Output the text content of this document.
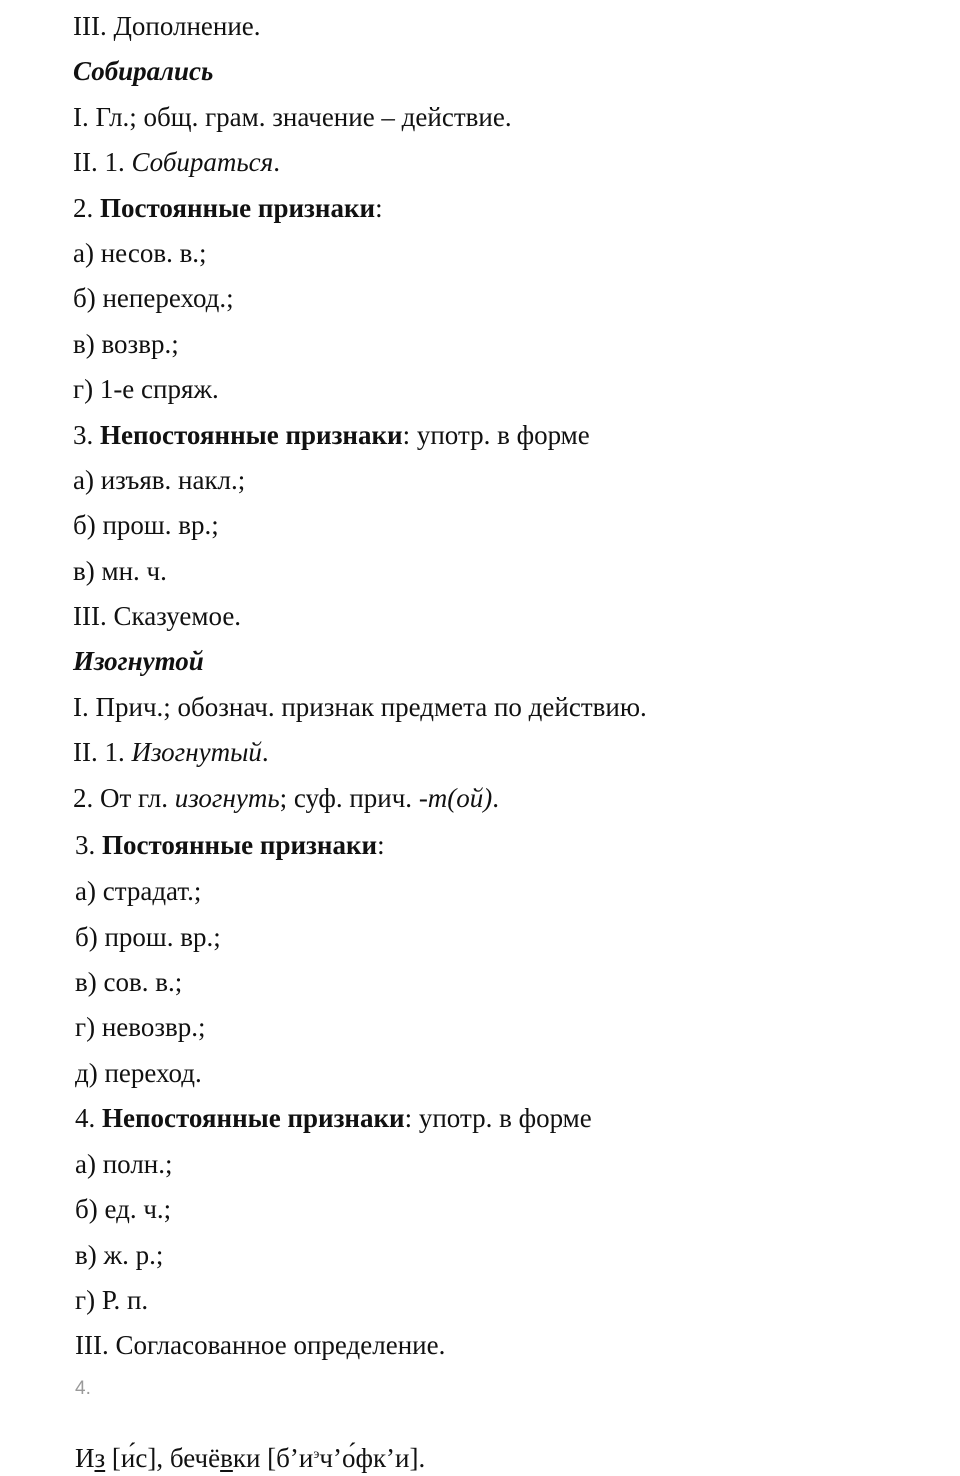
III. Дополнение.
Собирались
I. Гл.; общ. грам. значение – действие.
II. 1. Собираться.
2. Постоянные признаки:
а) несов. в.;
б) непереход.;
в) возвр.;
г) 1-е спряж.
3. Непостоянные признаки: употр. в форме
а) изъяв. накл.;
б) прош. вр.;
в) мн. ч.
III. Сказуемое.
Изогнутой
I. Прич.; обознач. признак предмета по действию.
II. 1. Изогнутый.
2. От гл. изогнуть; суф. прич. -т(ой).
3. Постоянные признаки:
а) страдат.;
б) прош. вр.;
в) сов. в.;
г) невозвр.;
д) переход.
4. Непостоянные признаки: употр. в форме
а) полн.;
б) ед. ч.;
в) ж. р.;
г) Р. п.
III. Согласованное определение.
4.
Из [и́с], бечёвки $[б’и^эч’о́фк’и]$.
